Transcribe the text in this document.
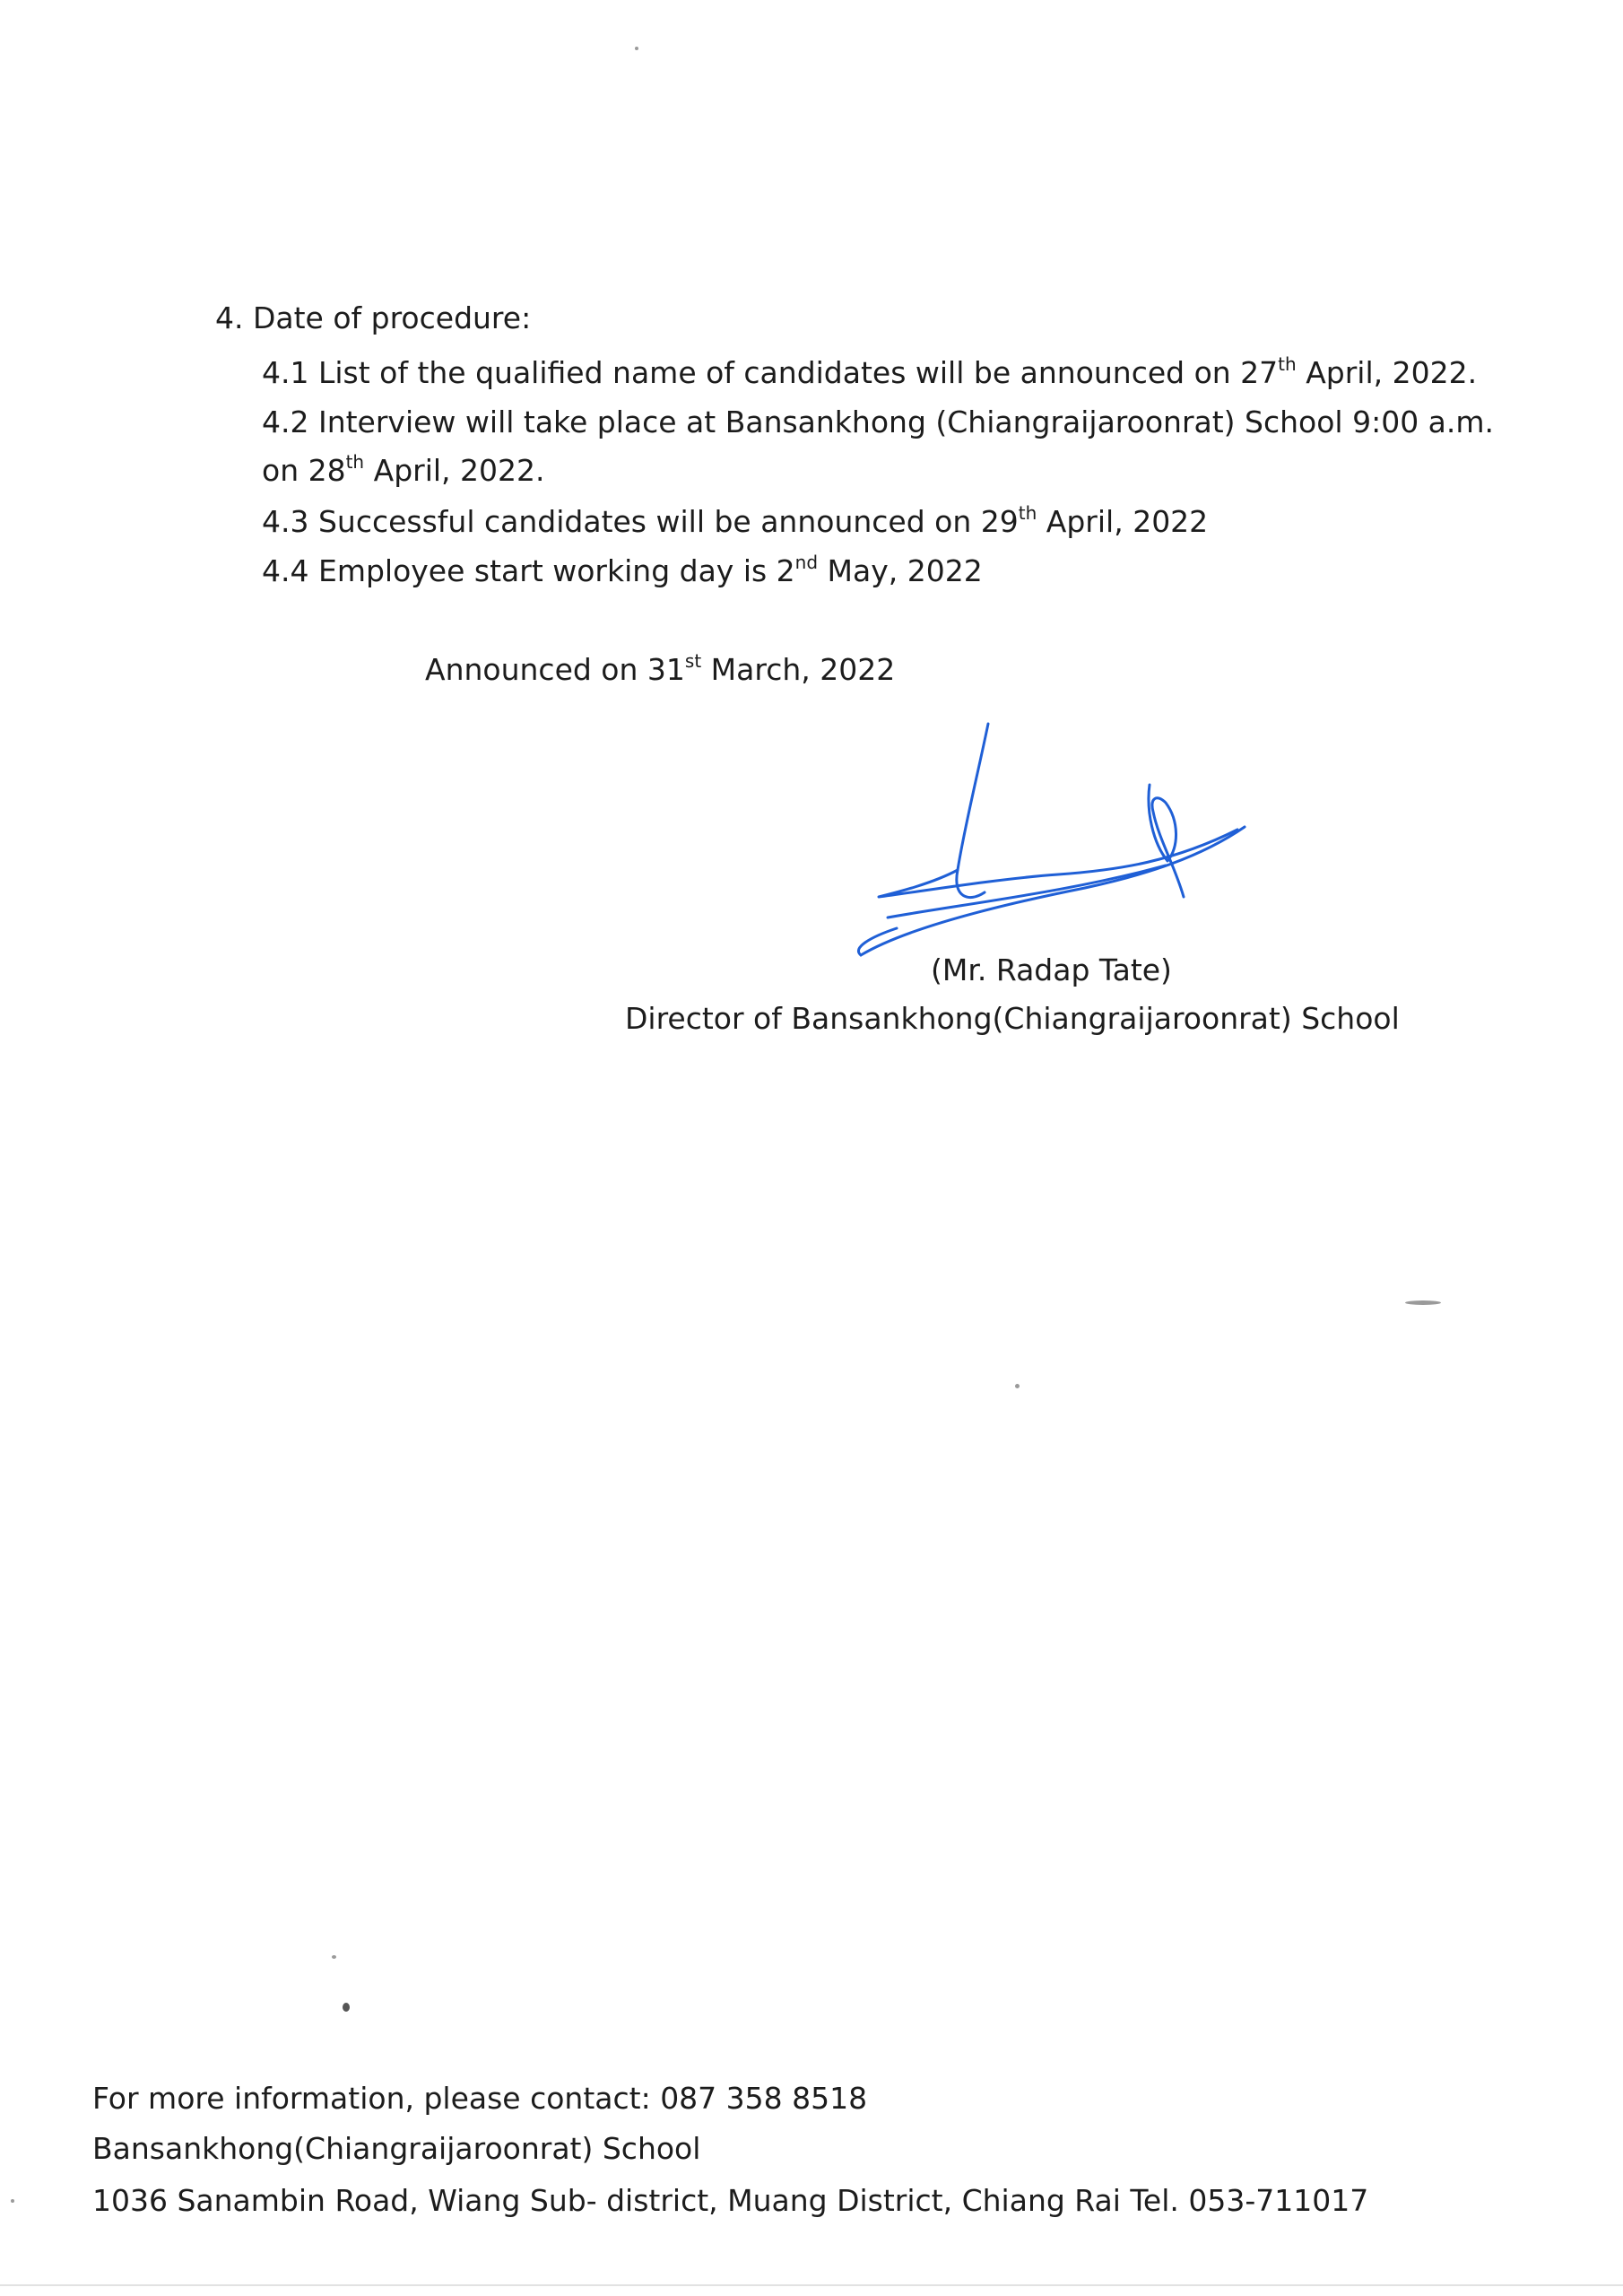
4. Date of procedure:
4.1 List of the qualified name of candidates will be announced on 27th April, 2022.
4.2 Interview will take place at Bansankhong (Chiangraijaroonrat) School 9:00 a.m.
on 28th April, 2022.
4.3 Successful candidates will be announced on 29th April, 2022
4.4 Employee start working day is 2nd May, 2022
Announced on 31st March, 2022
(Mr. Radap Tate)
Director of Bansankhong(Chiangraijaroonrat) School
For more information, please contact: 087 358 8518
Bansankhong(Chiangraijaroonrat) School
1036 Sanambin Road, Wiang Sub- district, Muang District, Chiang Rai Tel. 053-711017
